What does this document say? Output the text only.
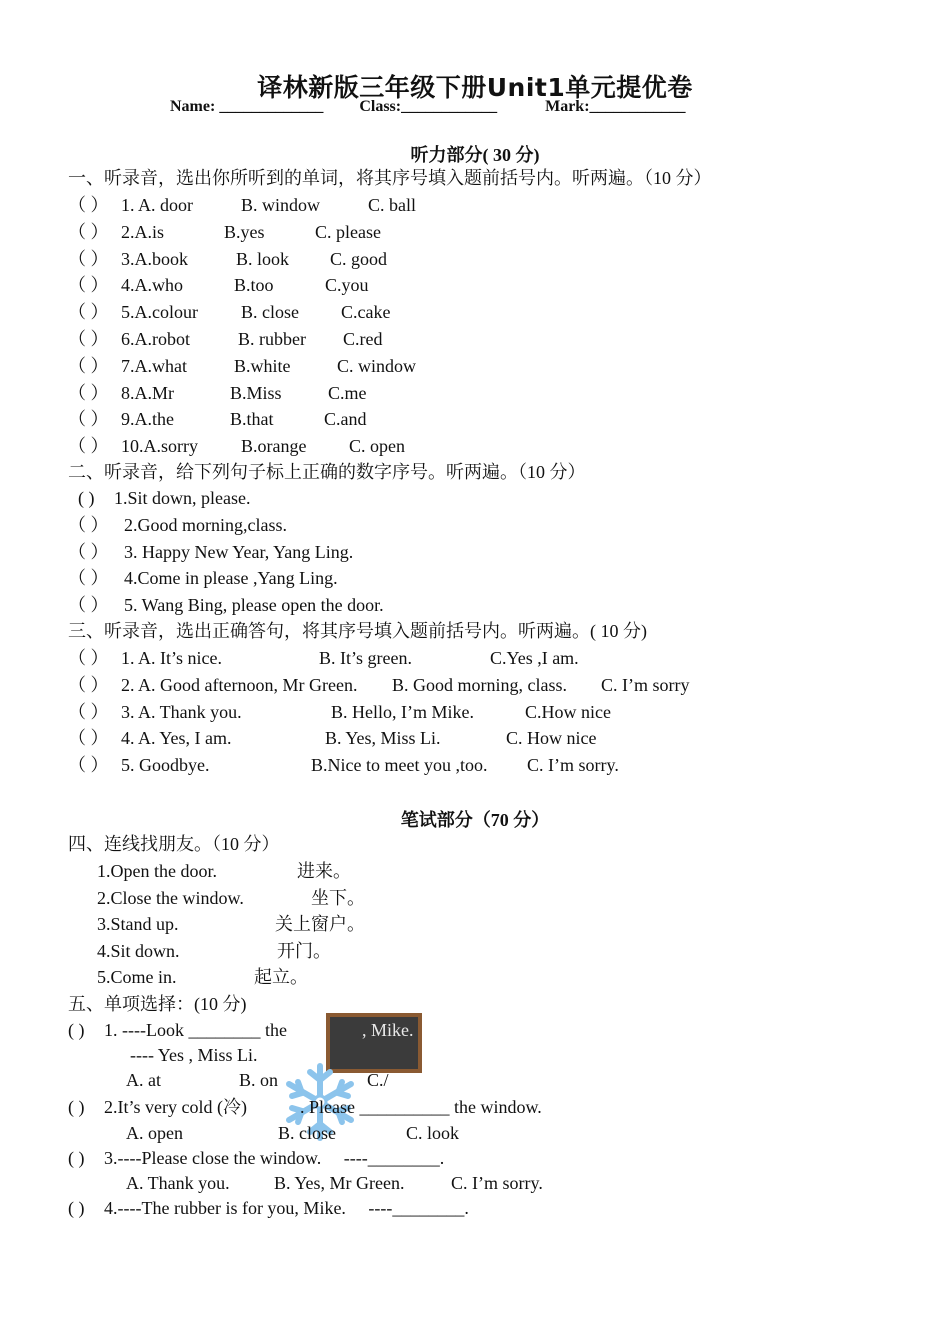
译林新版三年级下册Unit1单元提优卷
Name: _____________ Class:____________	Mark:____________
听力部分( 30 分)
一、听录音，选出你所听到的单词，将其序号填入题前括号内。听两遍。（10 分）
（ ） 1. A. door	B. window	C. ball
（ ） 2.A.is	B.yes	C. please
（ ） 3.A.book	B. look C. good
（ ） 4.A.who	B.too	C.you
（ ） 5.A.colour B. close C.cake
（ ） 6.A.robot	B. rubber C.red
（ ） 7.A.what	B.white	C. window
（ ） 8.A.Mr	B.Miss	C.me
（ ） 9.A.the	B.that	C.and
（ ） 10.A.sorry B.orange C. open
二、听录音，给下列句子标上正确的数字序号。听两遍。（10 分）
( ) 1.Sit down, please.
（ ） 2.Good morning,class.
（ ） 3. Happy New Year, Yang Ling.
（ ） 4.Come in please ,Yang Ling.
（ ） 5. Wang Bing, please open the door.
三、听录音，选出正确答句，将其序号填入题前括号内。听两遍。( 10 分)
（ ） 1. A. It’s nice.	B. It’s green.	C.Yes ,I am.
（ ） 2. A. Good afternoon, Mr Green. B. Good morning, class. C. I’m sorry
（ ） 3. A. Thank you.	B. Hello, I’m Mike.	C.How nice
（ ） 4. A. Yes, I am.	B. Yes, Miss Li.	C. How nice
（ ） 5. Goodbye.	B.Nice to meet you ,too. C. I’m sorry.
笔试部分（70 分）
四、连线找朋友。（10 分）
1.Open the door.	进来。
2.Close the window.	坐下。
3.Stand up.	关上窗户。
4.Sit down.	开门。
5.Come in.	起立。
五、单项选择：(10 分)
( ) 1. ----Look ________ the	, Mike.
---- Yes , Miss Li.
A. at	B. on	C./
( ) 2.It’s very cold (冷)	. Please __________ the window.
A. open	B. close	C. look
( ) 3.----Please close the window.     ----________.
A. Thank you. B. Yes, Mr Green.	C. I’m sorry.
( ) 4.----The rubber is for you, Mike.     ----________.
